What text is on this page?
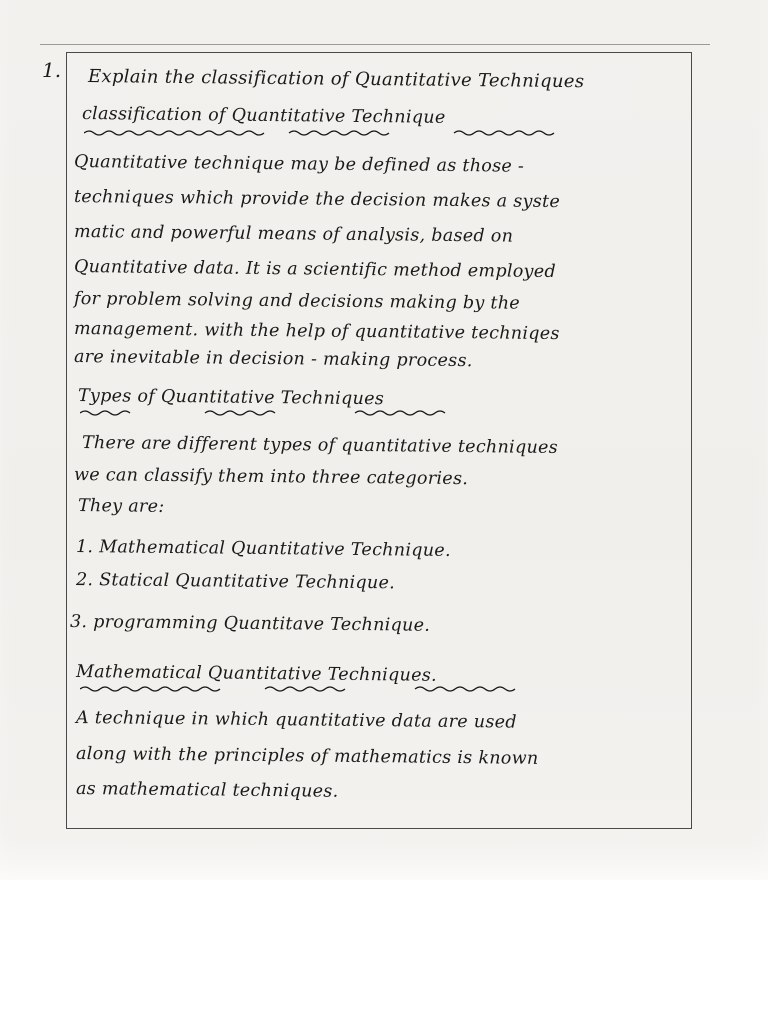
1. Explain the classification of Quantitative Techniques
classification of Quantitative Technique
Quantitative technique may be defined as those -
techniques which provide the decision makes a syste
matic and powerful means of analysis, based on
Quantitative data. It is a scientific method employed
for problem solving and decisions making by the
management. with the help of quantitative techniqes
are inevitable in decision - making process.
Types of Quantitative Techniques
There are different types of quantitative techniques
we can classify them into three categories.
They are:
1. Mathematical Quantitative Technique.
2. Statical Quantitative Technique.
3. programming Quantitave Technique.
Mathematical Quantitative Techniques.
A technique in which quantitative data are used
along with the principles of mathematics is known
as mathematical techniques.
